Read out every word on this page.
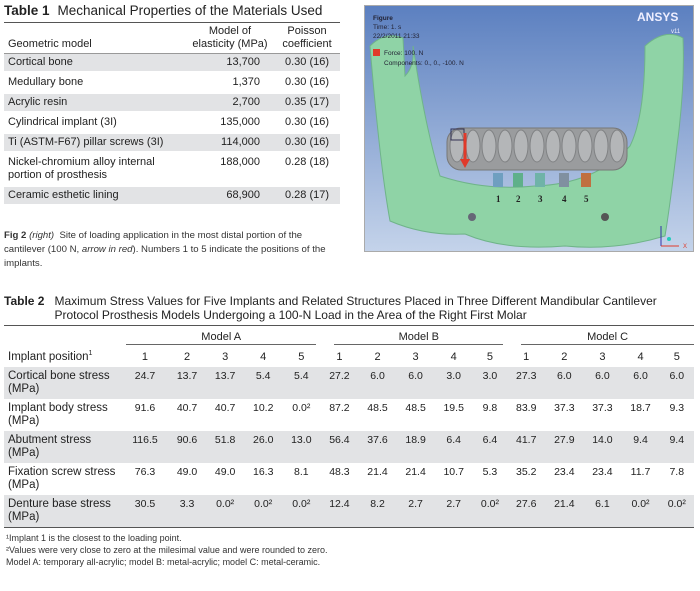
Table 1 Mechanical Properties of the Materials Used
Geometric model	Model of elasticity (MPa)	Poisson coefficient
Cortical bone	13,700	0.30 (16)
Medullary bone	1,370	0.30 (16)
Acrylic resin	2,700	0.35 (17)
Cylindrical implant (3I)	135,000	0.30 (16)
Ti (ASTM-F67) pillar screws (3I)	114,000	0.30 (16)
Nickel-chromium alloy internal portion of prosthesis	188,000	0.28 (18)
Ceramic esthetic lining	68,900	0.28 (17)
Fig 2 (right) Site of loading application in the most distal portion of the cantilever (100 N, arrow in red). Numbers 1 to 5 indicate the positions of the implants.
1 2 3 4 5
Figure
Time: 1. s
22/2/2011 21:33
Force: 100. N
Components: 0., 0., -100. N
ANSYS
v11
X
Table 2 Maximum Stress Values for Five Implants and Related Structures Placed in Three Different Mandibular Cantilever Protocol Prosthesis Models Undergoing a 100-N Load in the Area of the Right First Molar

	Model A					Model B					Model C				

Implant position$^1$	1	2	3	4	5	1	2	3	4	5	1	2	3	4	5
Cortical bone stress (MPa)	24.7	13.7	13.7	5.4	5.4	27.2	6.0	6.0	3.0	3.0	27.3	6.0	6.0	6.0	6.0
Implant body stress (MPa)	91.6	40.7	40.7	10.2	0.0²	87.2	48.5	48.5	19.5	9.8	83.9	37.3	37.3	18.7	9.3
Abutment stress (MPa)	116.5	90.6	51.8	26.0	13.0	56.4	37.6	18.9	6.4	6.4	41.7	27.9	14.0	9.4	9.4
Fixation screw stress (MPa)	76.3	49.0	49.0	16.3	8.1	48.3	21.4	21.4	10.7	5.3	35.2	23.4	23.4	11.7	7.8
Denture base stress (MPa)	30.5	3.3	0.0²	0.0²	0.0²	12.4	8.2	2.7	2.7	0.0²	27.6	21.4	6.1	0.0²	0.0²
¹Implant 1 is the closest to the loading point.
²Values were very close to zero at the milesimal value and were rounded to zero.
Model A: temporary all-acrylic; model B: metal-acrylic; model C: metal-ceramic.
